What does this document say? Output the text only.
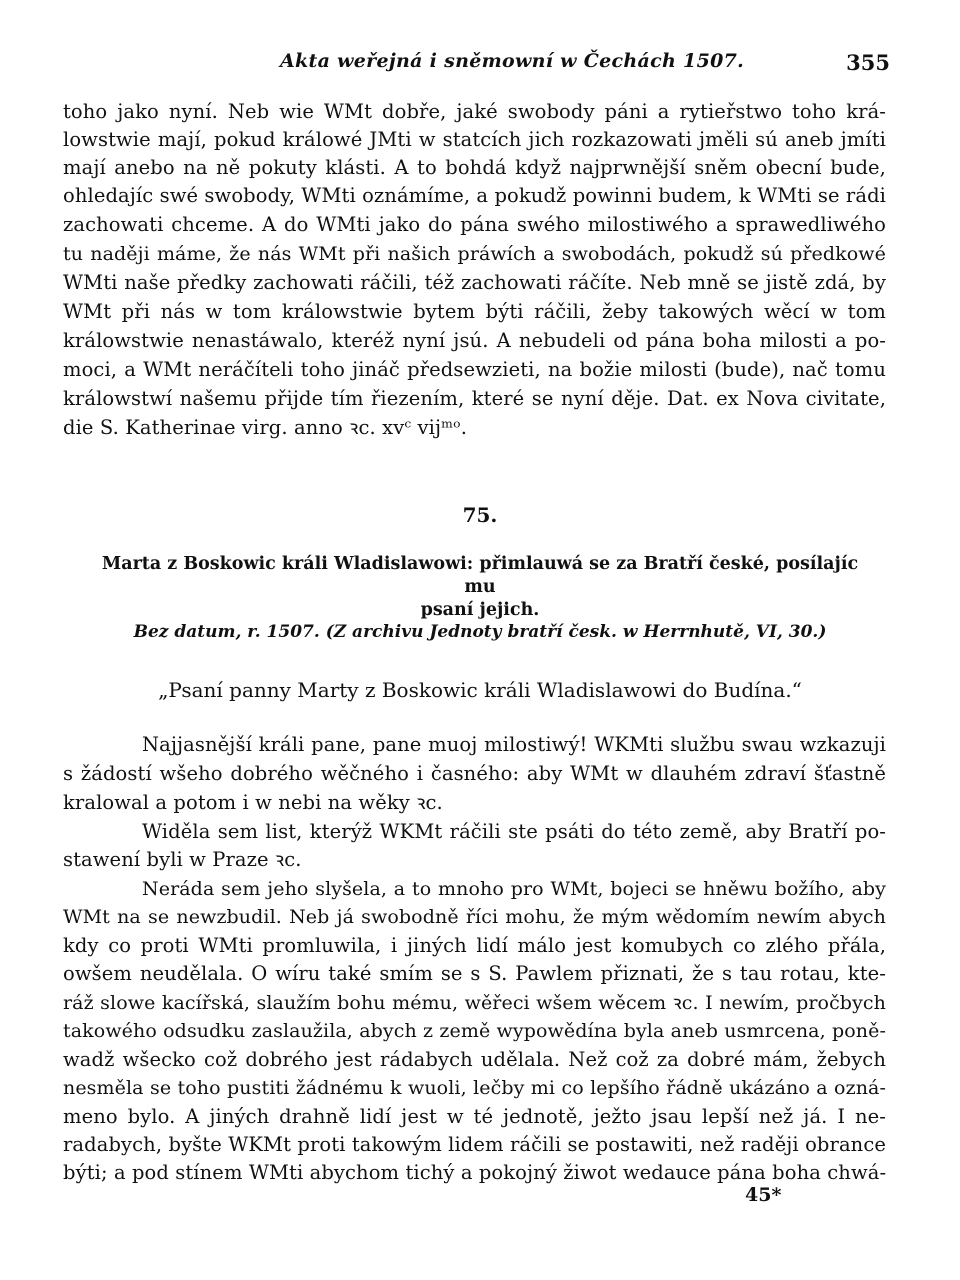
Akta weřejná i sněmowní w Čechách 1507.	355
toho jako nyní. Neb wie WMt dobře, jaké swobody páni a rytieřstwo toho krá-
lowstwie mají, pokud králowé JMti w statcích jich rozkazowati jměli sú aneb jmíti
mají anebo na ně pokuty klásti. A to bohdá když najprwnější sněm obecní bude,
ohledajíc swé swobody, WMti oznámíme, a pokudž powinni budem, k WMti se rádi
zachowati chceme. A do WMti jako do pána swého milostiwého a sprawedliwého
tu naději máme, že nás WMt při našich práwích a swobodách, pokudž sú předkowé
WMti naše předky zachowati ráčili, též zachowati ráčíte. Neb mně se jistě zdá, by
WMt při nás w tom králowstwie bytem býti ráčili, žeby takowých wěcí w tom
králowstwie nenastáwalo, kteréž nyní jsú. A nebudeli od pána boha milosti a po-
moci, a WMt neráčíteli toho jináč předsewzieti, na božie milosti (bude), nač tomu
králowstwí našemu přijde tím řiezením, které se nyní děje. Dat. ex Nova civitate,
die S. Katherinae virg. anno ꝛc. xvᶜ vijᵐᵒ.
75.
Marta z Boskowic králi Wladislawowi: přimlauwá se za Bratří české, posílajíc mu
psaní jejich.
Bez datum, r. 1507. (Z archivu Jednoty bratří česk. w Herrnhutě, VI, 30.)
„Psaní panny Marty z Boskowic králi Wladislawowi do Budína.“
Najjasnější králi pane, pane muoj milostiwý! WKMti službu swau wzkazuji
s žádostí wšeho dobrého wěčného i časného: aby WMt w dlauhém zdraví šťastně
kralowal a potom i w nebi na wěky ꝛc.
Widěla sem list, kterýž WKMt ráčili ste psáti do této země, aby Bratří po-
stawení byli w Praze ꝛc.
Neráda sem jeho slyšela, a to mnoho pro WMt, bojeci se hněwu božího, aby
WMt na se newzbudil. Neb já swobodně říci mohu, že mým wědomím newím abych
kdy co proti WMti promluwila, i jiných lidí málo jest komubych co zlého přála,
owšem neudělala. O wíru také smím se s S. Pawlem přiznati, že s tau rotau, kte-
ráž slowe kacířská, slaužím bohu mému, wěřeci wšem wěcem ꝛc. I newím, pročbych
takowého odsudku zaslaužila, abych z země wypowědína byla aneb usmrcena, poně-
wadž wšecko což dobrého jest rádabych udělala. Než což za dobré mám, žebych
nesměla se toho pustiti žádnému k wuoli, lečby mi co lepšího řádně ukázáno a ozná-
meno bylo. A jiných drahně lidí jest w té jednotě, ježto jsau lepší než já. I ne-
radabych, byšte WKMt proti takowým lidem ráčili se postawiti, než raději obrance
býti; a pod stínem WMti abychom tichý a pokojný žiwot wedauce pána boha chwá-
45*
